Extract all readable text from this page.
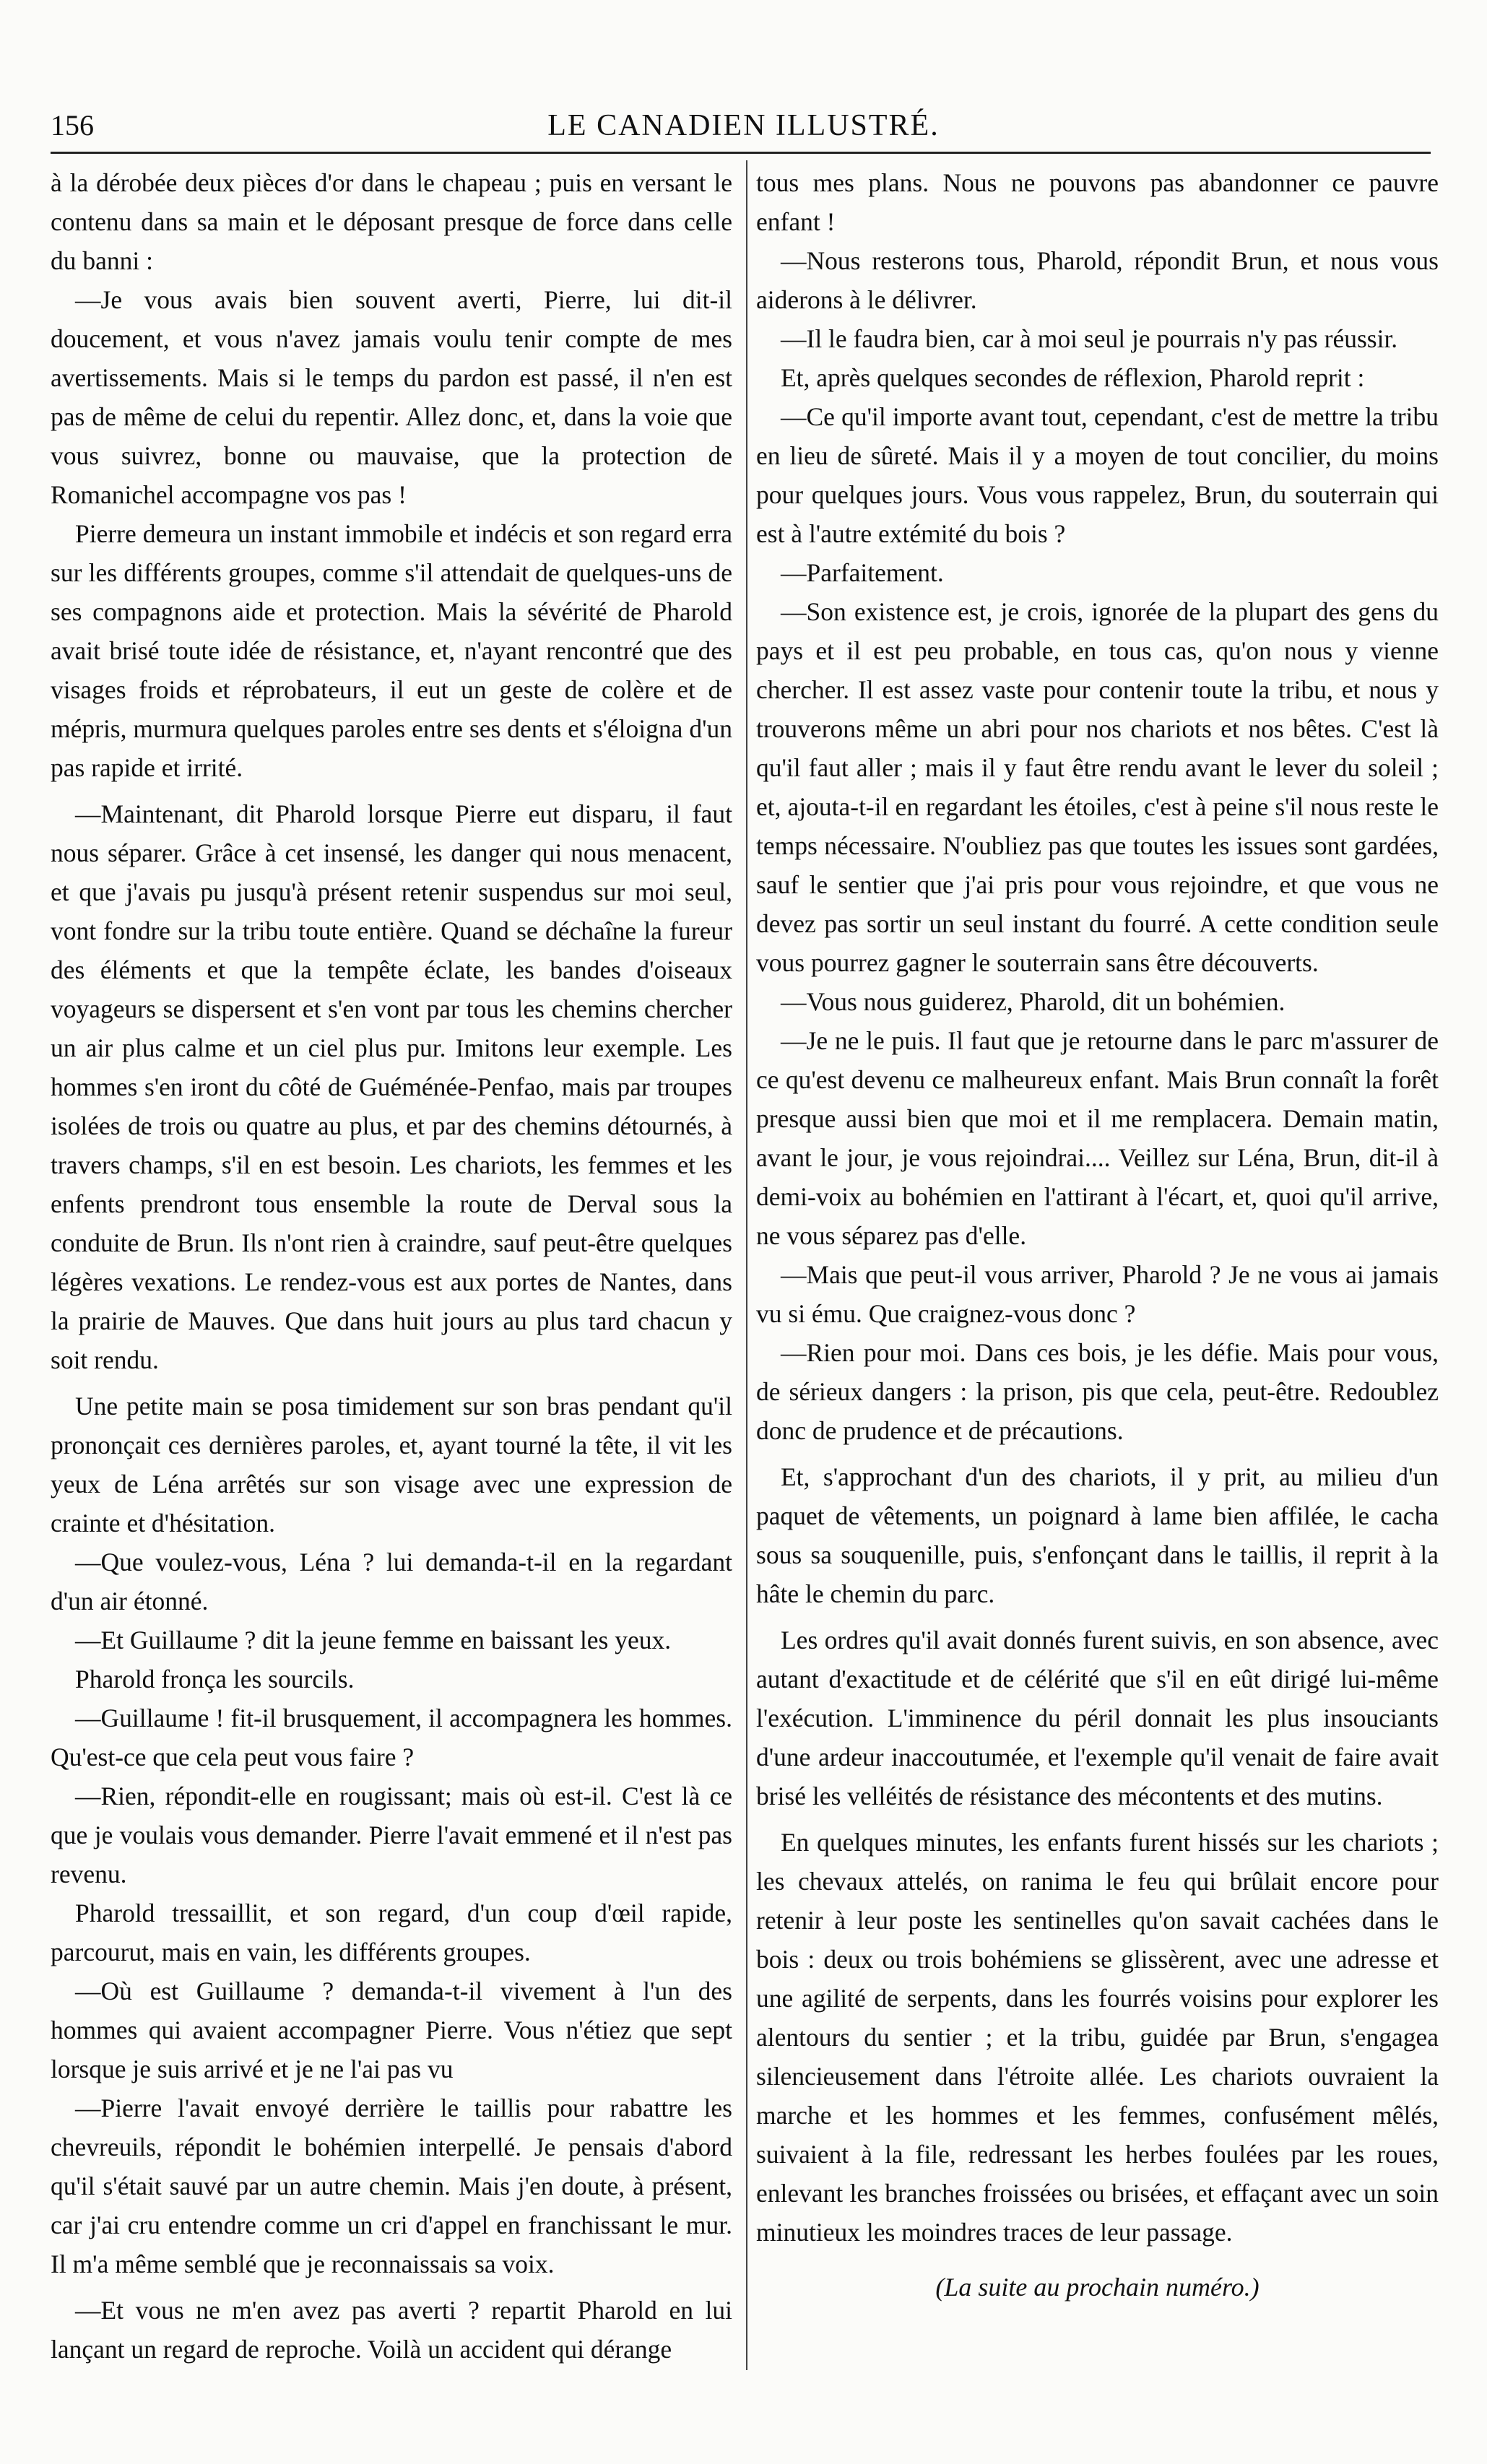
156	LE CANADIEN ILLUSTRÉ.

à la dérobée deux pièces d'or dans le chapeau ; puis en versant le contenu dans sa main et le déposant presque de force dans celle du banni :

—Je vous avais bien souvent averti, Pierre, lui dit-il doucement, et vous n'avez jamais voulu tenir compte de mes avertissements. Mais si le temps du pardon est passé, il n'en est pas de même de celui du repentir. Allez donc, et, dans la voie que vous suivrez, bonne ou mauvaise, que la protection de Romanichel accompagne vos pas !

Pierre demeura un instant immobile et indécis et son regard erra sur les différents groupes, comme s'il attendait de quelques-uns de ses compagnons aide et protection. Mais la sévérité de Pharold avait brisé toute idée de résistance, et, n'ayant rencontré que des visages froids et réprobateurs, il eut un geste de colère et de mépris, murmura quelques paroles entre ses dents et s'éloigna d'un pas rapide et irrité.

—Maintenant, dit Pharold lorsque Pierre eut disparu, il faut nous séparer. Grâce à cet insensé, les danger qui nous menacent, et que j'avais pu jusqu'à présent retenir suspendus sur moi seul, vont fondre sur la tribu toute entière. Quand se déchaîne la fureur des éléments et que la tempête éclate, les bandes d'oiseaux voyageurs se dispersent et s'en vont par tous les chemins chercher un air plus calme et un ciel plus pur. Imitons leur exemple. Les hommes s'en iront du côté de Guéménée-Penfao, mais par troupes isolées de trois ou quatre au plus, et par des chemins détournés, à travers champs, s'il en est besoin. Les chariots, les femmes et les enfents prendront tous ensemble la route de Derval sous la conduite de Brun. Ils n'ont rien à craindre, sauf peut-être quelques légères vexations. Le rendez-vous est aux portes de Nantes, dans la prairie de Mauves. Que dans huit jours au plus tard chacun y soit rendu.

Une petite main se posa timidement sur son bras pendant qu'il prononçait ces dernières paroles, et, ayant tourné la tête, il vit les yeux de Léna arrêtés sur son visage avec une expression de crainte et d'hésitation.

—Que voulez-vous, Léna ? lui demanda-t-il en la regardant d'un air étonné.

—Et Guillaume ? dit la jeune femme en baissant les yeux.

Pharold fronça les sourcils.

—Guillaume ! fit-il brusquement, il accompagnera les hommes. Qu'est-ce que cela peut vous faire ?

—Rien, répondit-elle en rougissant; mais où est-il. C'est là ce que je voulais vous demander. Pierre l'avait emmené et il n'est pas revenu.

Pharold tressaillit, et son regard, d'un coup d'œil rapide, parcourut, mais en vain, les différents groupes.

—Où est Guillaume ? demanda-t-il vivement à l'un des hommes qui avaient accompagner Pierre. Vous n'étiez que sept lorsque je suis arrivé et je ne l'ai pas vu

—Pierre l'avait envoyé derrière le taillis pour rabattre les chevreuils, répondit le bohémien interpellé. Je pensais d'abord qu'il s'était sauvé par un autre chemin. Mais j'en doute, à présent, car j'ai cru entendre comme un cri d'appel en franchissant le mur. Il m'a même semblé que je reconnaissais sa voix.

—Et vous ne m'en avez pas averti ? repartit Pharold en lui lançant un regard de reproche. Voilà un accident qui dérange

tous mes plans. Nous ne pouvons pas abandonner ce pauvre enfant !

—Nous resterons tous, Pharold, répondit Brun, et nous vous aiderons à le délivrer.

—Il le faudra bien, car à moi seul je pourrais n'y pas réussir.

Et, après quelques secondes de réflexion, Pharold reprit :

—Ce qu'il importe avant tout, cependant, c'est de mettre la tribu en lieu de sûreté. Mais il y a moyen de tout concilier, du moins pour quelques jours. Vous vous rappelez, Brun, du souterrain qui est à l'autre extémité du bois ?

—Parfaitement.

—Son existence est, je crois, ignorée de la plupart des gens du pays et il est peu probable, en tous cas, qu'on nous y vienne chercher. Il est assez vaste pour contenir toute la tribu, et nous y trouverons même un abri pour nos chariots et nos bêtes. C'est là qu'il faut aller ; mais il y faut être rendu avant le lever du soleil ; et, ajouta-t-il en regardant les étoiles, c'est à peine s'il nous reste le temps nécessaire. N'oubliez pas que toutes les issues sont gardées, sauf le sentier que j'ai pris pour vous rejoindre, et que vous ne devez pas sortir un seul instant du fourré. A cette condition seule vous pourrez gagner le souterrain sans être découverts.

—Vous nous guiderez, Pharold, dit un bohémien.

—Je ne le puis. Il faut que je retourne dans le parc m'assurer de ce qu'est devenu ce malheureux enfant. Mais Brun connaît la forêt presque aussi bien que moi et il me remplacera. Demain matin, avant le jour, je vous rejoindrai.... Veillez sur Léna, Brun, dit-il à demi-voix au bohémien en l'attirant à l'écart, et, quoi qu'il arrive, ne vous séparez pas d'elle.

—Mais que peut-il vous arriver, Pharold ? Je ne vous ai jamais vu si ému. Que craignez-vous donc ?

—Rien pour moi. Dans ces bois, je les défie. Mais pour vous, de sérieux dangers : la prison, pis que cela, peut-être. Redoublez donc de prudence et de précautions.

Et, s'approchant d'un des chariots, il y prit, au milieu d'un paquet de vêtements, un poignard à lame bien affilée, le cacha sous sa souquenille, puis, s'enfonçant dans le taillis, il reprit à la hâte le chemin du parc.

Les ordres qu'il avait donnés furent suivis, en son absence, avec autant d'exactitude et de célérité que s'il en eût dirigé lui-même l'exécution. L'imminence du péril donnait les plus insouciants d'une ardeur inaccoutumée, et l'exemple qu'il venait de faire avait brisé les velléités de résistance des mécontents et des mutins.

En quelques minutes, les enfants furent hissés sur les chariots ; les chevaux attelés, on ranima le feu qui brûlait encore pour retenir à leur poste les sentinelles qu'on savait cachées dans le bois : deux ou trois bohémiens se glissèrent, avec une adresse et une agilité de serpents, dans les fourrés voisins pour explorer les alentours du sentier ; et la tribu, guidée par Brun, s'engagea silencieusement dans l'étroite allée. Les chariots ouvraient la marche et les hommes et les femmes, confusément mêlés, suivaient à la file, redressant les herbes foulées par les roues, enlevant les branches froissées ou brisées, et effaçant avec un soin minutieux les moindres traces de leur passage.

(La suite au prochain numéro.)
